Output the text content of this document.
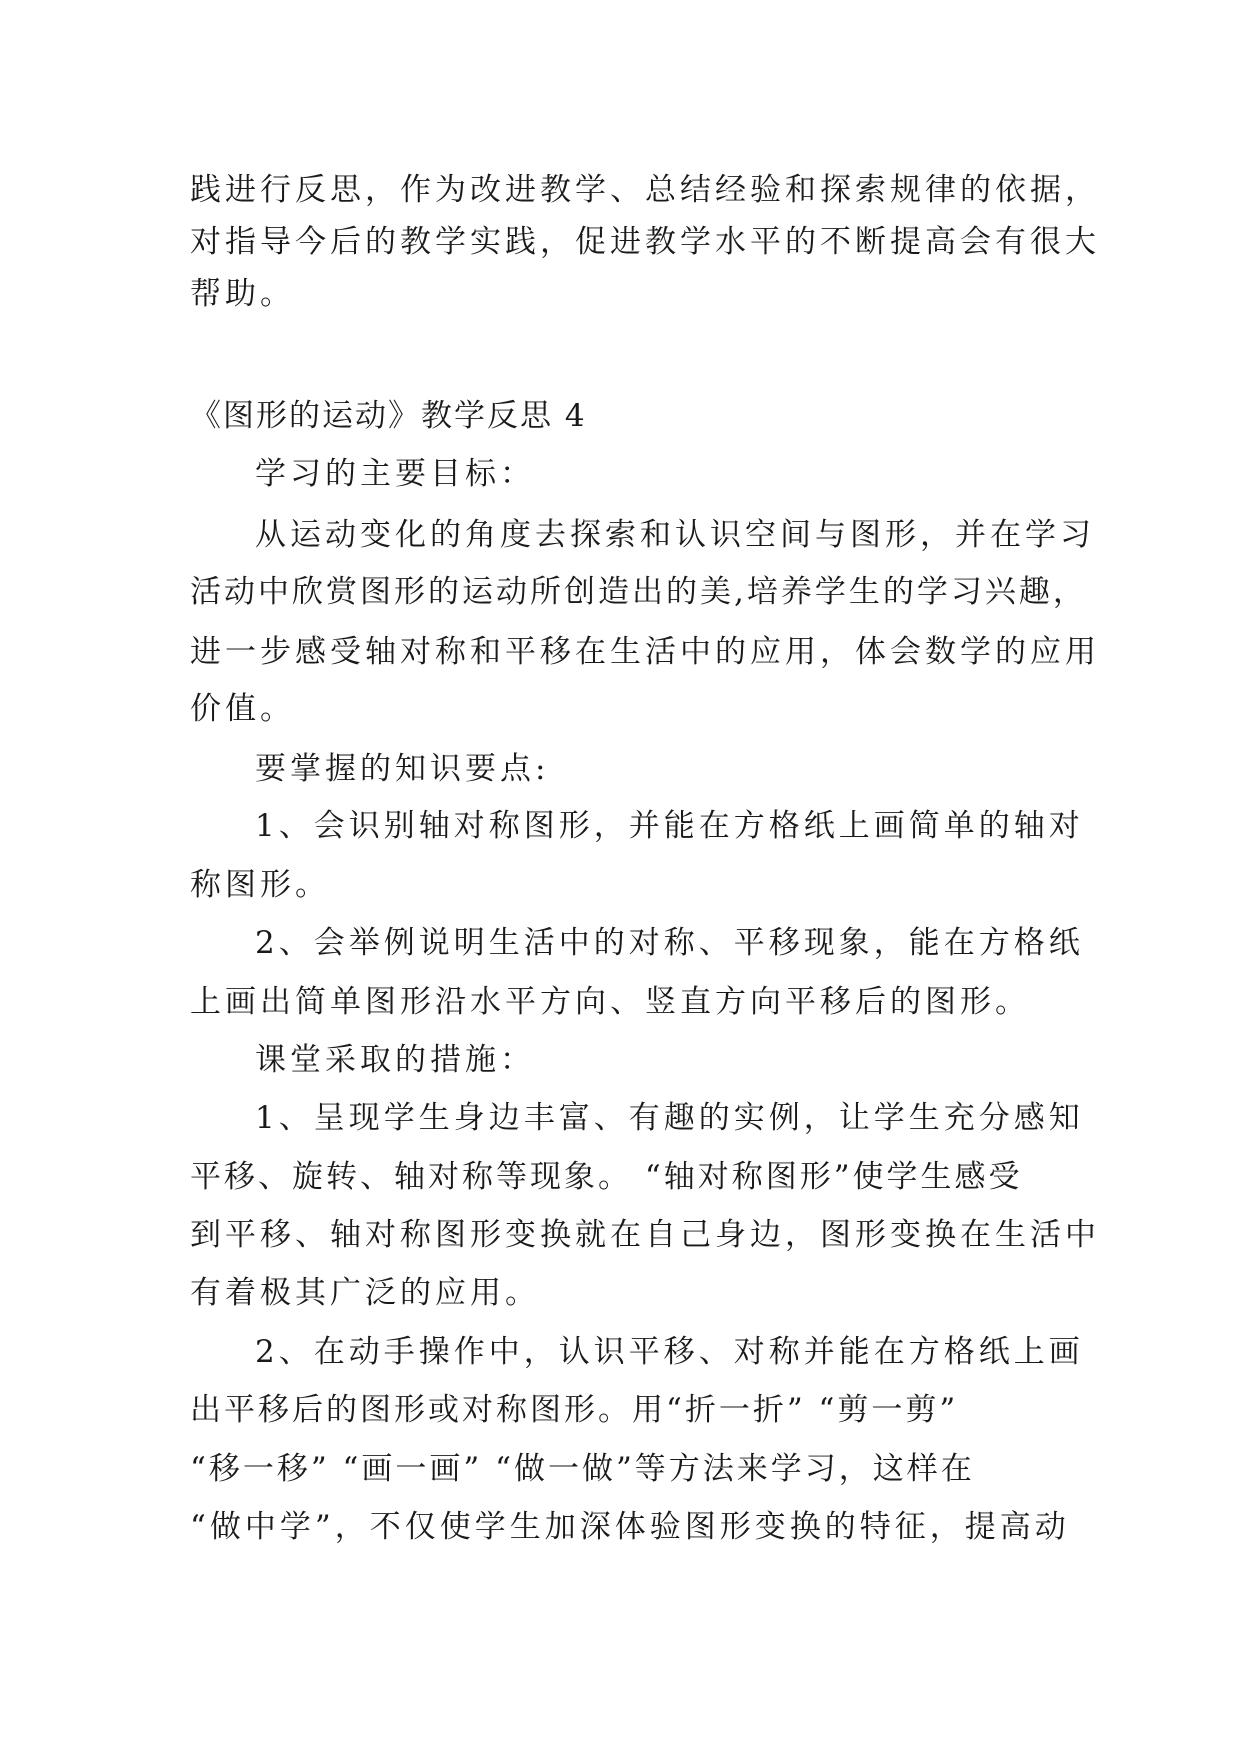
践进行反思，作为改进教学、总结经验和探索规律的依据，
对指导今后的教学实践，促进教学水平的不断提高会有很大
帮助。
《图形的运动》教学反思 4
学习的主要目标：
从运动变化的角度去探索和认识空间与图形，并在学习
活动中欣赏图形的运动所创造出的美,培养学生的学习兴趣，
进一步感受轴对称和平移在生活中的应用，体会数学的应用
价值。
要掌握的知识要点:
1、会识别轴对称图形，并能在方格纸上画简单的轴对
称图形。
2、会举例说明生活中的对称、平移现象，能在方格纸
上画出简单图形沿水平方向、竖直方向平移后的图形。
课堂采取的措施：
1、呈现学生身边丰富、有趣的实例，让学生充分感知
平移、旋转、轴对称等现象。 “轴对称图形”使学生感受
到平移、轴对称图形变换就在自己身边，图形变换在生活中
有着极其广泛的应用。
2、在动手操作中，认识平移、对称并能在方格纸上画
出平移后的图形或对称图形。用“折一折” “剪一剪”
“移一移” “画一画” “做一做”等方法来学习，这样在
“做中学”，不仅使学生加深体验图形变换的特征，提高动
